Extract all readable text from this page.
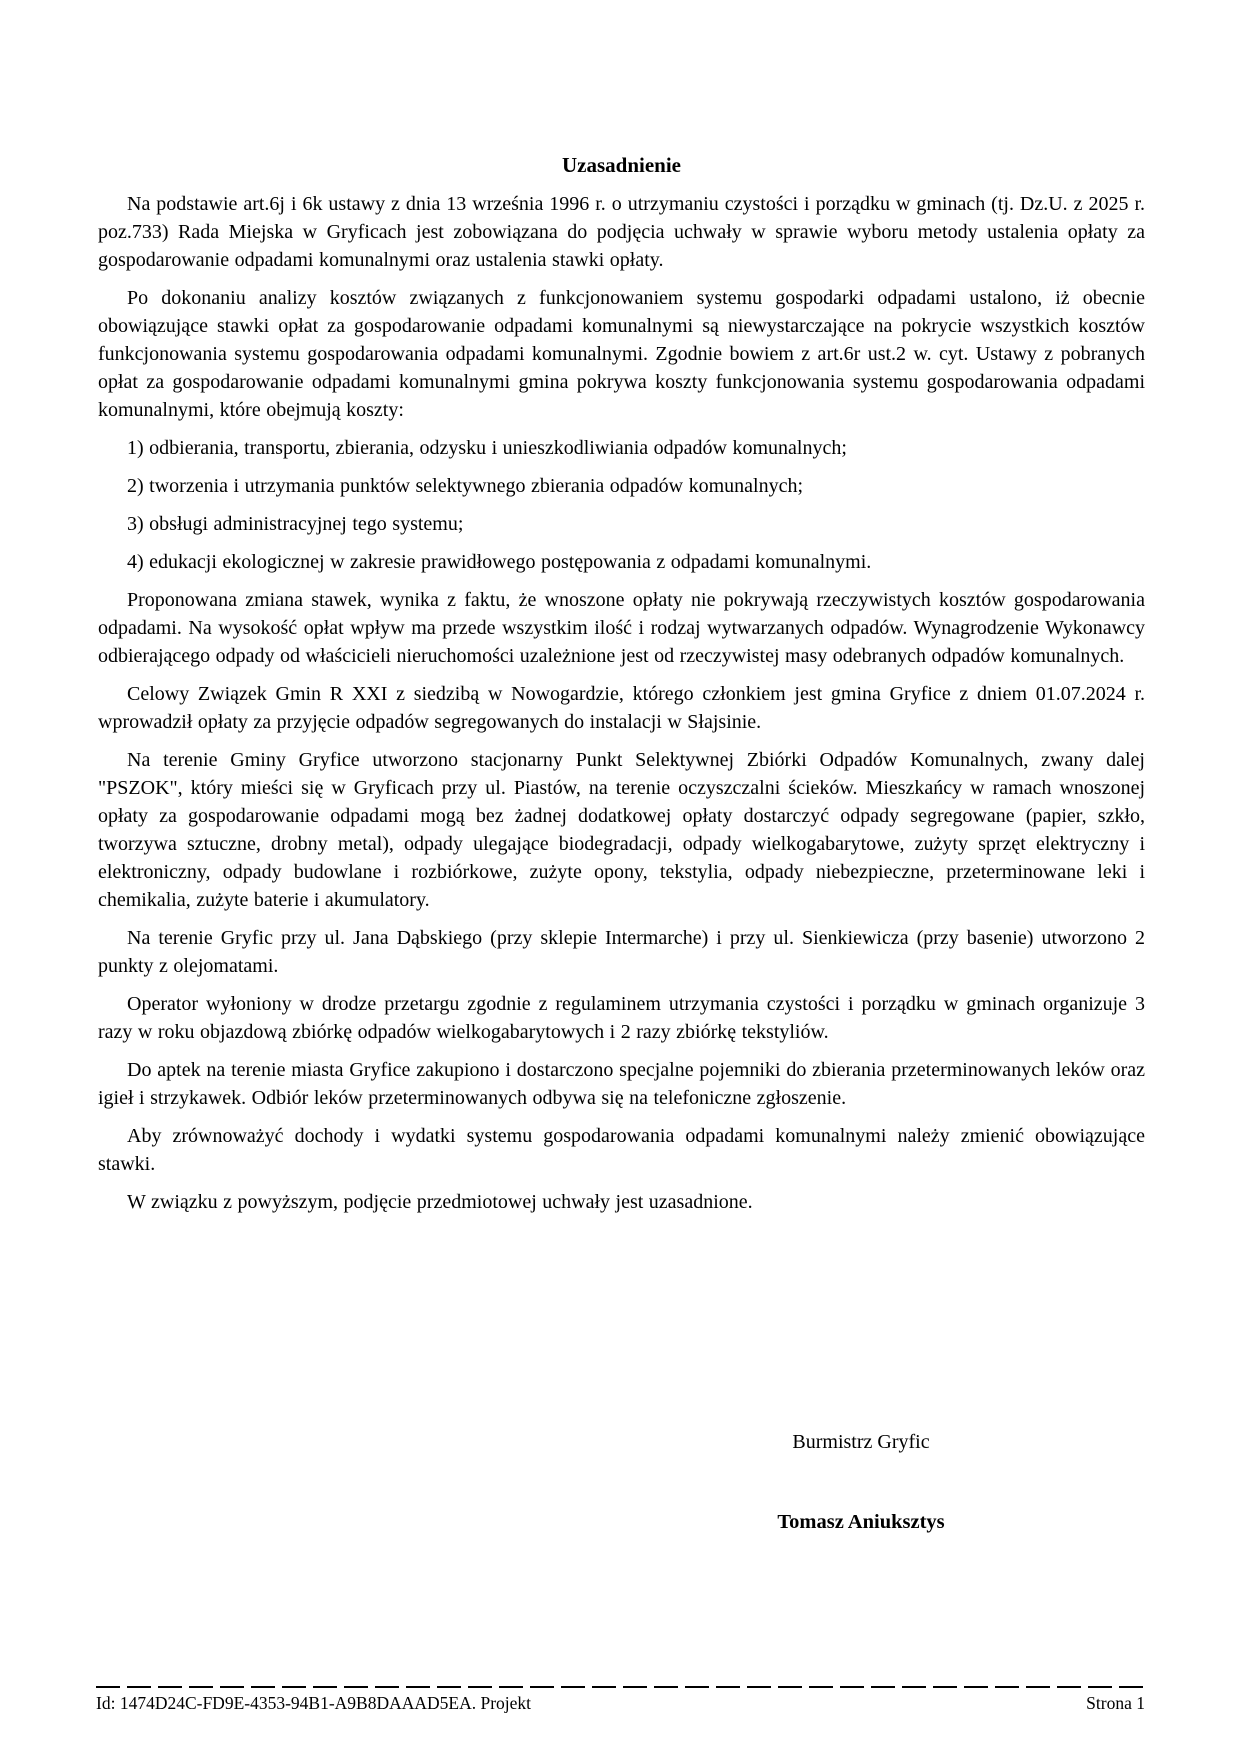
Uzasadnienie

Na podstawie art.6j i 6k ustawy z dnia 13 września 1996 r. o utrzymaniu czystości i porządku w gminach (tj. Dz.U. z 2025 r. poz.733) Rada Miejska w Gryficach jest zobowiązana do podjęcia uchwały w sprawie wyboru metody ustalenia opłaty za gospodarowanie odpadami komunalnymi oraz ustalenia stawki opłaty.

Po dokonaniu analizy kosztów związanych z funkcjonowaniem systemu gospodarki odpadami ustalono, iż obecnie obowiązujące stawki opłat za gospodarowanie odpadami komunalnymi są niewystarczające na pokrycie wszystkich kosztów funkcjonowania systemu gospodarowania odpadami komunalnymi. Zgodnie bowiem z art.6r ust.2 w. cyt. Ustawy z pobranych opłat za gospodarowanie odpadami komunalnymi gmina pokrywa koszty funkcjonowania systemu gospodarowania odpadami komunalnymi, które obejmują koszty:

1) odbierania, transportu, zbierania, odzysku i unieszkodliwiania odpadów komunalnych;

2) tworzenia i utrzymania punktów selektywnego zbierania odpadów komunalnych;

3) obsługi administracyjnej tego systemu;

4) edukacji ekologicznej w zakresie prawidłowego postępowania z odpadami komunalnymi.

Proponowana zmiana stawek, wynika z faktu, że wnoszone opłaty nie pokrywają rzeczywistych kosztów gospodarowania odpadami. Na wysokość opłat wpływ ma przede wszystkim ilość i rodzaj wytwarzanych odpadów. Wynagrodzenie Wykonawcy odbierającego odpady od właścicieli nieruchomości uzależnione jest od rzeczywistej masy odebranych odpadów komunalnych.

Celowy Związek Gmin R XXI z siedzibą w Nowogardzie, którego członkiem jest gmina Gryfice z dniem 01.07.2024 r. wprowadził opłaty za przyjęcie odpadów segregowanych do instalacji w Słajsinie.

Na terenie Gminy Gryfice utworzono stacjonarny Punkt Selektywnej Zbiórki Odpadów Komunalnych, zwany dalej "PSZOK", który mieści się w Gryficach przy ul. Piastów, na terenie oczyszczalni ścieków. Mieszkańcy w ramach wnoszonej opłaty za gospodarowanie odpadami mogą bez żadnej dodatkowej opłaty dostarczyć odpady segregowane (papier, szkło, tworzywa sztuczne, drobny metal), odpady ulegające biodegradacji, odpady wielkogabarytowe, zużyty sprzęt elektryczny i elektroniczny, odpady budowlane i rozbiórkowe, zużyte opony, tekstylia, odpady niebezpieczne, przeterminowane leki i chemikalia, zużyte baterie i akumulatory.

Na terenie Gryfic przy ul. Jana Dąbskiego (przy sklepie Intermarche) i przy ul. Sienkiewicza (przy basenie) utworzono 2 punkty z olejomatami.

Operator wyłoniony w drodze przetargu zgodnie z regulaminem utrzymania czystości i porządku w gminach organizuje 3 razy w roku objazdową zbiórkę odpadów wielkogabarytowych i 2 razy zbiórkę tekstyliów.

Do aptek na terenie miasta Gryfice zakupiono i dostarczono specjalne pojemniki do zbierania przeterminowanych leków oraz igieł i strzykawek. Odbiór leków przeterminowanych odbywa się na telefoniczne zgłoszenie.

Aby zrównoważyć dochody i wydatki systemu gospodarowania odpadami komunalnymi należy zmienić obowiązujące stawki.

W związku z powyższym, podjęcie przedmiotowej uchwały jest uzasadnione.

Burmistrz Gryfic
Tomasz Aniuksztys
Id: 1474D24C-FD9E-4353-94B1-A9B8DAAAD5EA. Projekt	Strona 1
